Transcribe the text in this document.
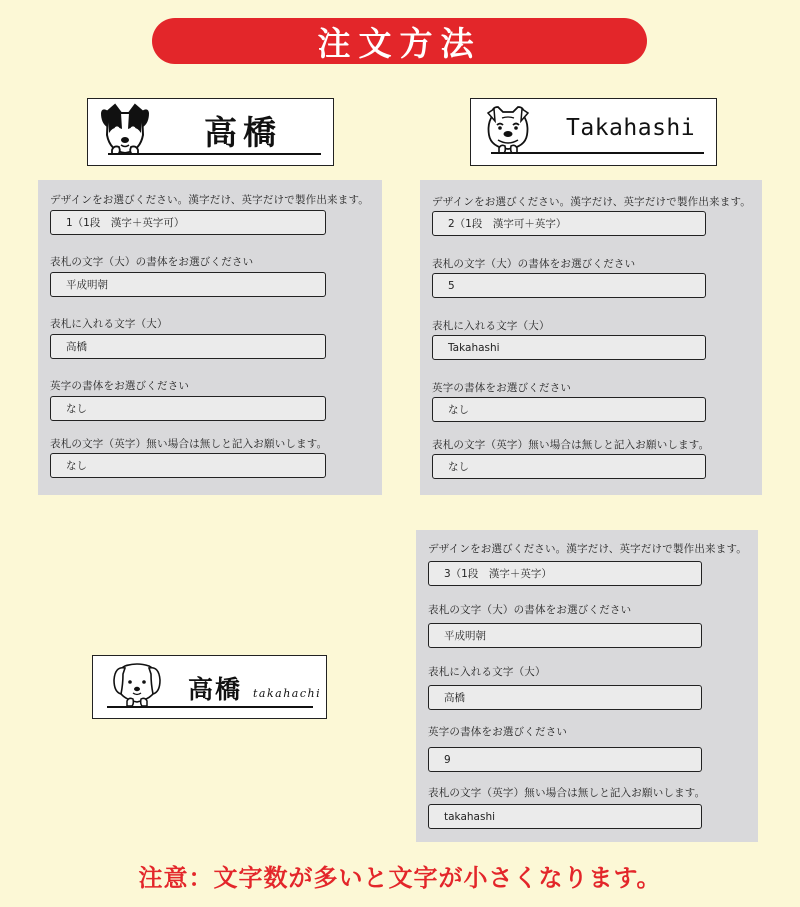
注文方法
高橋	Takahashi
高橋 takahachi
デザインをお選びください。漢字だけ、英字だけで製作出来ます。
1（1段　漢字＋英字可）
表札の文字（大）の書体をお選びください
平成明朝
表札に入れる文字（大）
高橋
英字の書体をお選びください
なし
表札の文字（英字）無い場合は無しと記入お願いします。
なし
デザインをお選びください。漢字だけ、英字だけで製作出来ます。
2（1段　漢字可＋英字）
表札の文字（大）の書体をお選びください
5
表札に入れる文字（大）
Takahashi
英字の書体をお選びください
なし
表札の文字（英字）無い場合は無しと記入お願いします。
なし
デザインをお選びください。漢字だけ、英字だけで製作出来ます。
3（1段　漢字＋英字）
表札の文字（大）の書体をお選びください
平成明朝
表札に入れる文字（大）
高橋
英字の書体をお選びください
9
表札の文字（英字）無い場合は無しと記入お願いします。
takahashi
注意：文字数が多いと文字が小さくなります。
